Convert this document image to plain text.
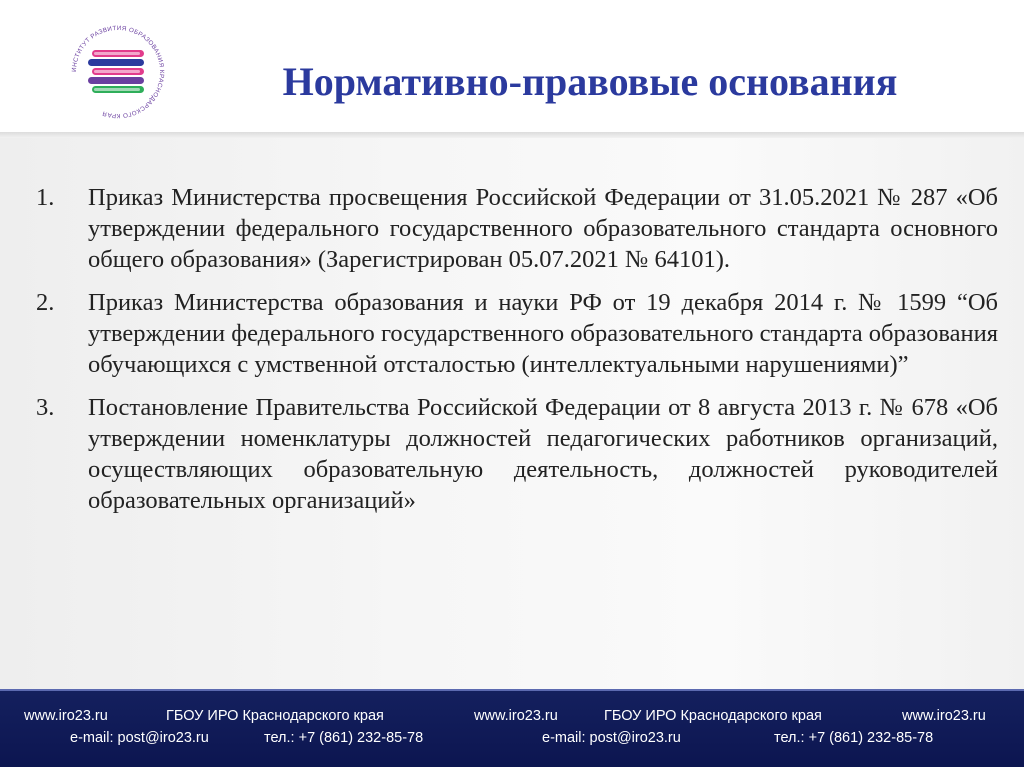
ИНСТИТУТ РАЗВИТИЯ ОБРАЗОВАНИЯ КРАСНОДАРСКОГО КРАЯ
Нормативно-правовые основания
1.	Приказ Министерства просвещения Российской Федерации от 31.05.2021 № 287 «Об утверждении федерального государственного образовательного стандарта основного общего образования» (Зарегистрирован 05.07.2021 № 64101).
2.	Приказ Министерства образования и науки РФ от 19 декабря 2014 г. № 1599 “Об утверждении федерального государственного образовательного стандарта образования обучающихся с умственной отсталостью (интеллектуальными нарушениями)”
3.	Постановление Правительства Российской Федерации от 8 августа 2013 г. № 678 «Об утверждении номенклатуры должностей педагогических работников организаций, осуществляющих образовательную деятельность, должностей руководителей образовательных организаций»
www.iro23.ru
e-mail: post@iro23.ru
ГБОУ ИРО Краснодарского края
тел.: +7 (861) 232-85-78
www.iro23.ru
e-mail: post@iro23.ru
ГБОУ ИРО Краснодарского края
тел.: +7 (861) 232-85-78
www.iro23.ru
